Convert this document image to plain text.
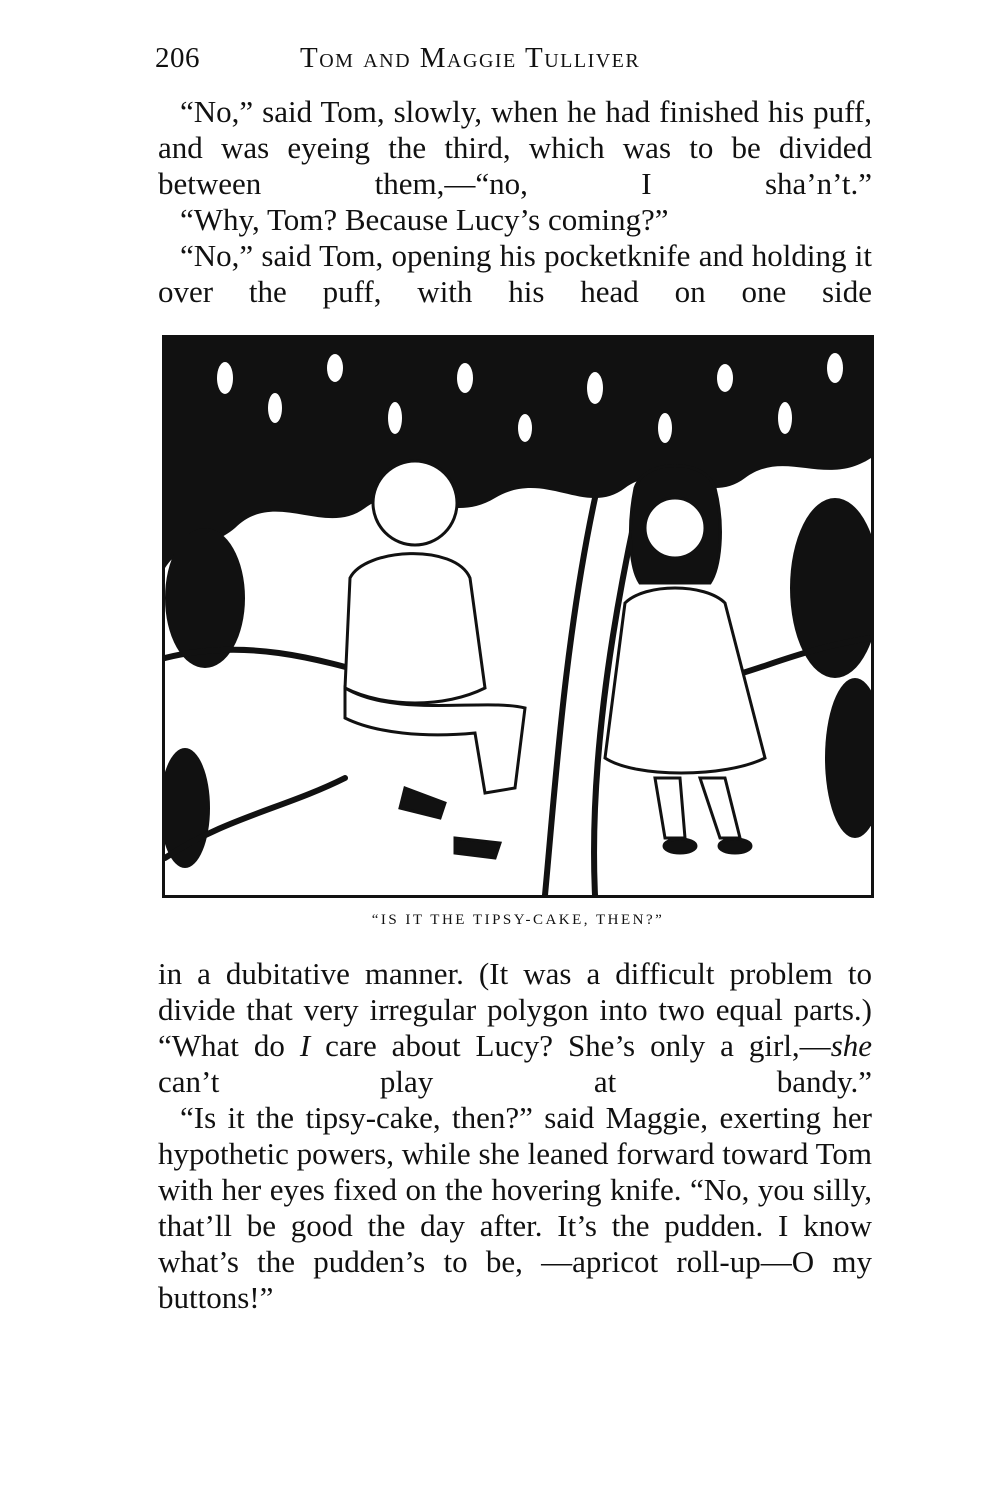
206	Tom and Maggie Tulliver

“No,” said Tom, slowly, when he had finished his puff, and was eyeing the third, which was to be divided between them,—“no, I sha’n’t.”

“Why, Tom? Because Lucy’s coming?”

“No,” said Tom, opening his pocketknife and holding it over the puff, with his head on one side

“IS IT THE TIPSY-CAKE, THEN?”

in a dubitative manner. (It was a difficult problem to divide that very irregular polygon into two equal parts.) “What do I care about Lucy? She’s only a girl,—she can’t play at bandy.”

“Is it the tipsy-cake, then?” said Maggie, exerting her hypothetic powers, while she leaned forward toward Tom with her eyes fixed on the hovering knife. “No, you silly, that’ll be good the day after. It’s the pudden. I know what’s the pudden’s to be, —apricot roll-up—O my buttons!”
